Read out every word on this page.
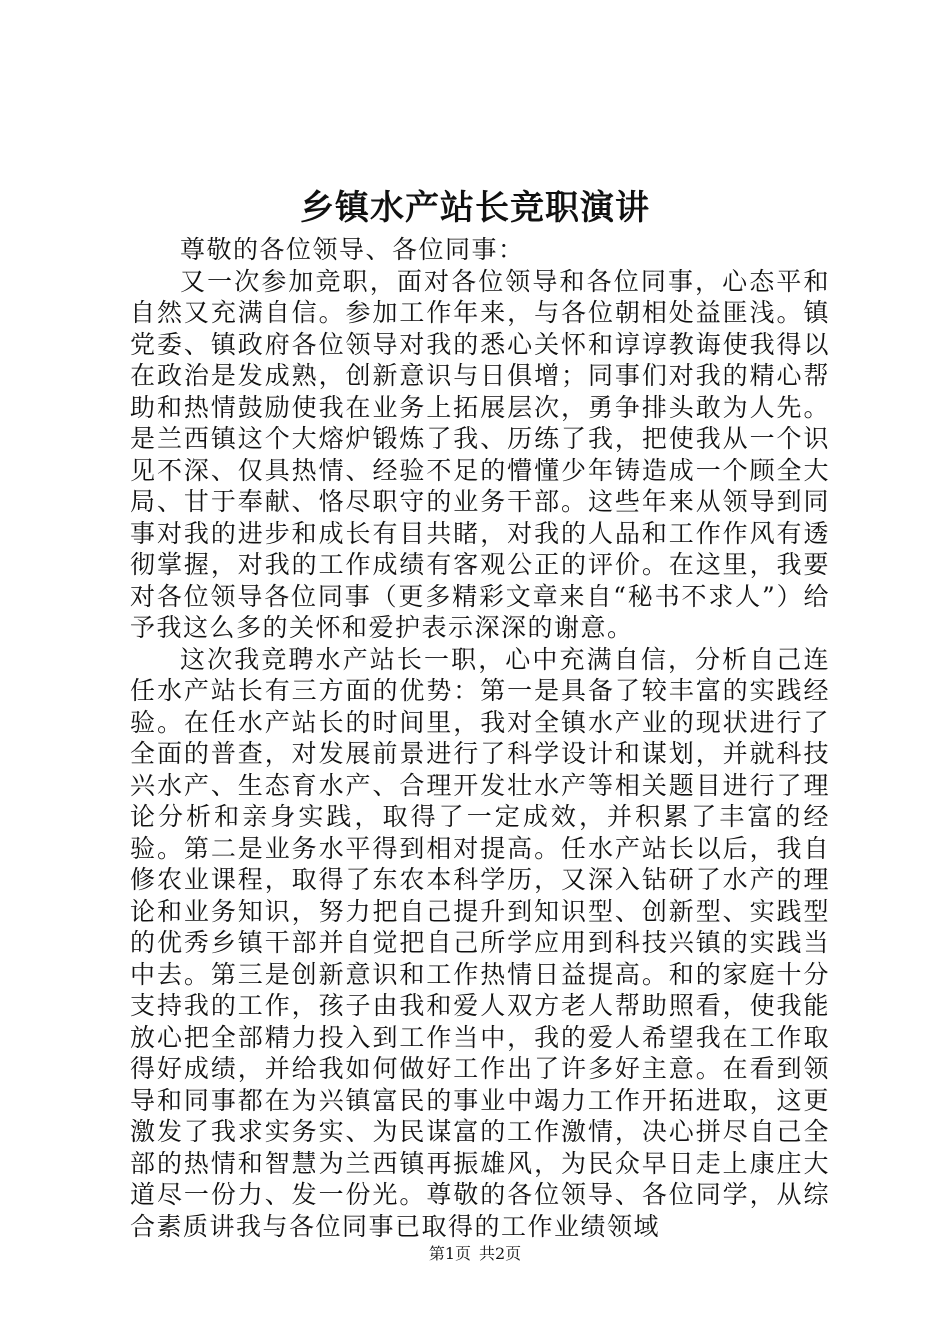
乡镇水产站长竞职演讲

尊敬的各位领导、各位同事：

又一次参加竞职，面对各位领导和各位同事，心态平和自然又充满自信。参加工作年来，与各位朝相处益匪浅。镇党委、镇政府各位领导对我的悉心关怀和谆谆教诲使我得以在政治是发成熟，创新意识与日俱增；同事们对我的精心帮助和热情鼓励使我在业务上拓展层次，勇争排头敢为人先。是兰西镇这个大熔炉锻炼了我、历练了我，把使我从一个识见不深、仅具热情、经验不足的懵懂少年铸造成一个顾全大局、甘于奉献、恪尽职守的业务干部。这些年来从领导到同事对我的进步和成长有目共睹，对我的人品和工作作风有透彻掌握，对我的工作成绩有客观公正的评价。在这里，我要对各位领导各位同事（更多精彩文章来自“秘书不求人”）给予我这么多的关怀和爱护表示深深的谢意。

这次我竞聘水产站长一职，心中充满自信，分析自己连任水产站长有三方面的优势：第一是具备了较丰富的实践经验。在任水产站长的时间里，我对全镇水产业的现状进行了全面的普查，对发展前景进行了科学设计和谋划，并就科技兴水产、生态育水产、合理开发壮水产等相关题目进行了理论分析和亲身实践，取得了一定成效，并积累了丰富的经验。第二是业务水平得到相对提高。任水产站长以后，我自修农业课程，取得了东农本科学历，又深入钻研了水产的理论和业务知识，努力把自己提升到知识型、创新型、实践型的优秀乡镇干部并自觉把自己所学应用到科技兴镇的实践当中去。第三是创新意识和工作热情日益提高。和的家庭十分支持我的工作，孩子由我和爱人双方老人帮助照看，使我能放心把全部精力投入到工作当中，我的爱人希望我在工作取得好成绩，并给我如何做好工作出了许多好主意。在看到领导和同事都在为兴镇富民的事业中竭力工作开拓进取，这更激发了我求实务实、为民谋富的工作激情，决心拼尽自己全部的热情和智慧为兰西镇再振雄风，为民众早日走上康庄大道尽一份力、发一份光。尊敬的各位领导、各位同学，从综合素质讲我与各位同事已取得的工作业绩领域

第1页 共2页
